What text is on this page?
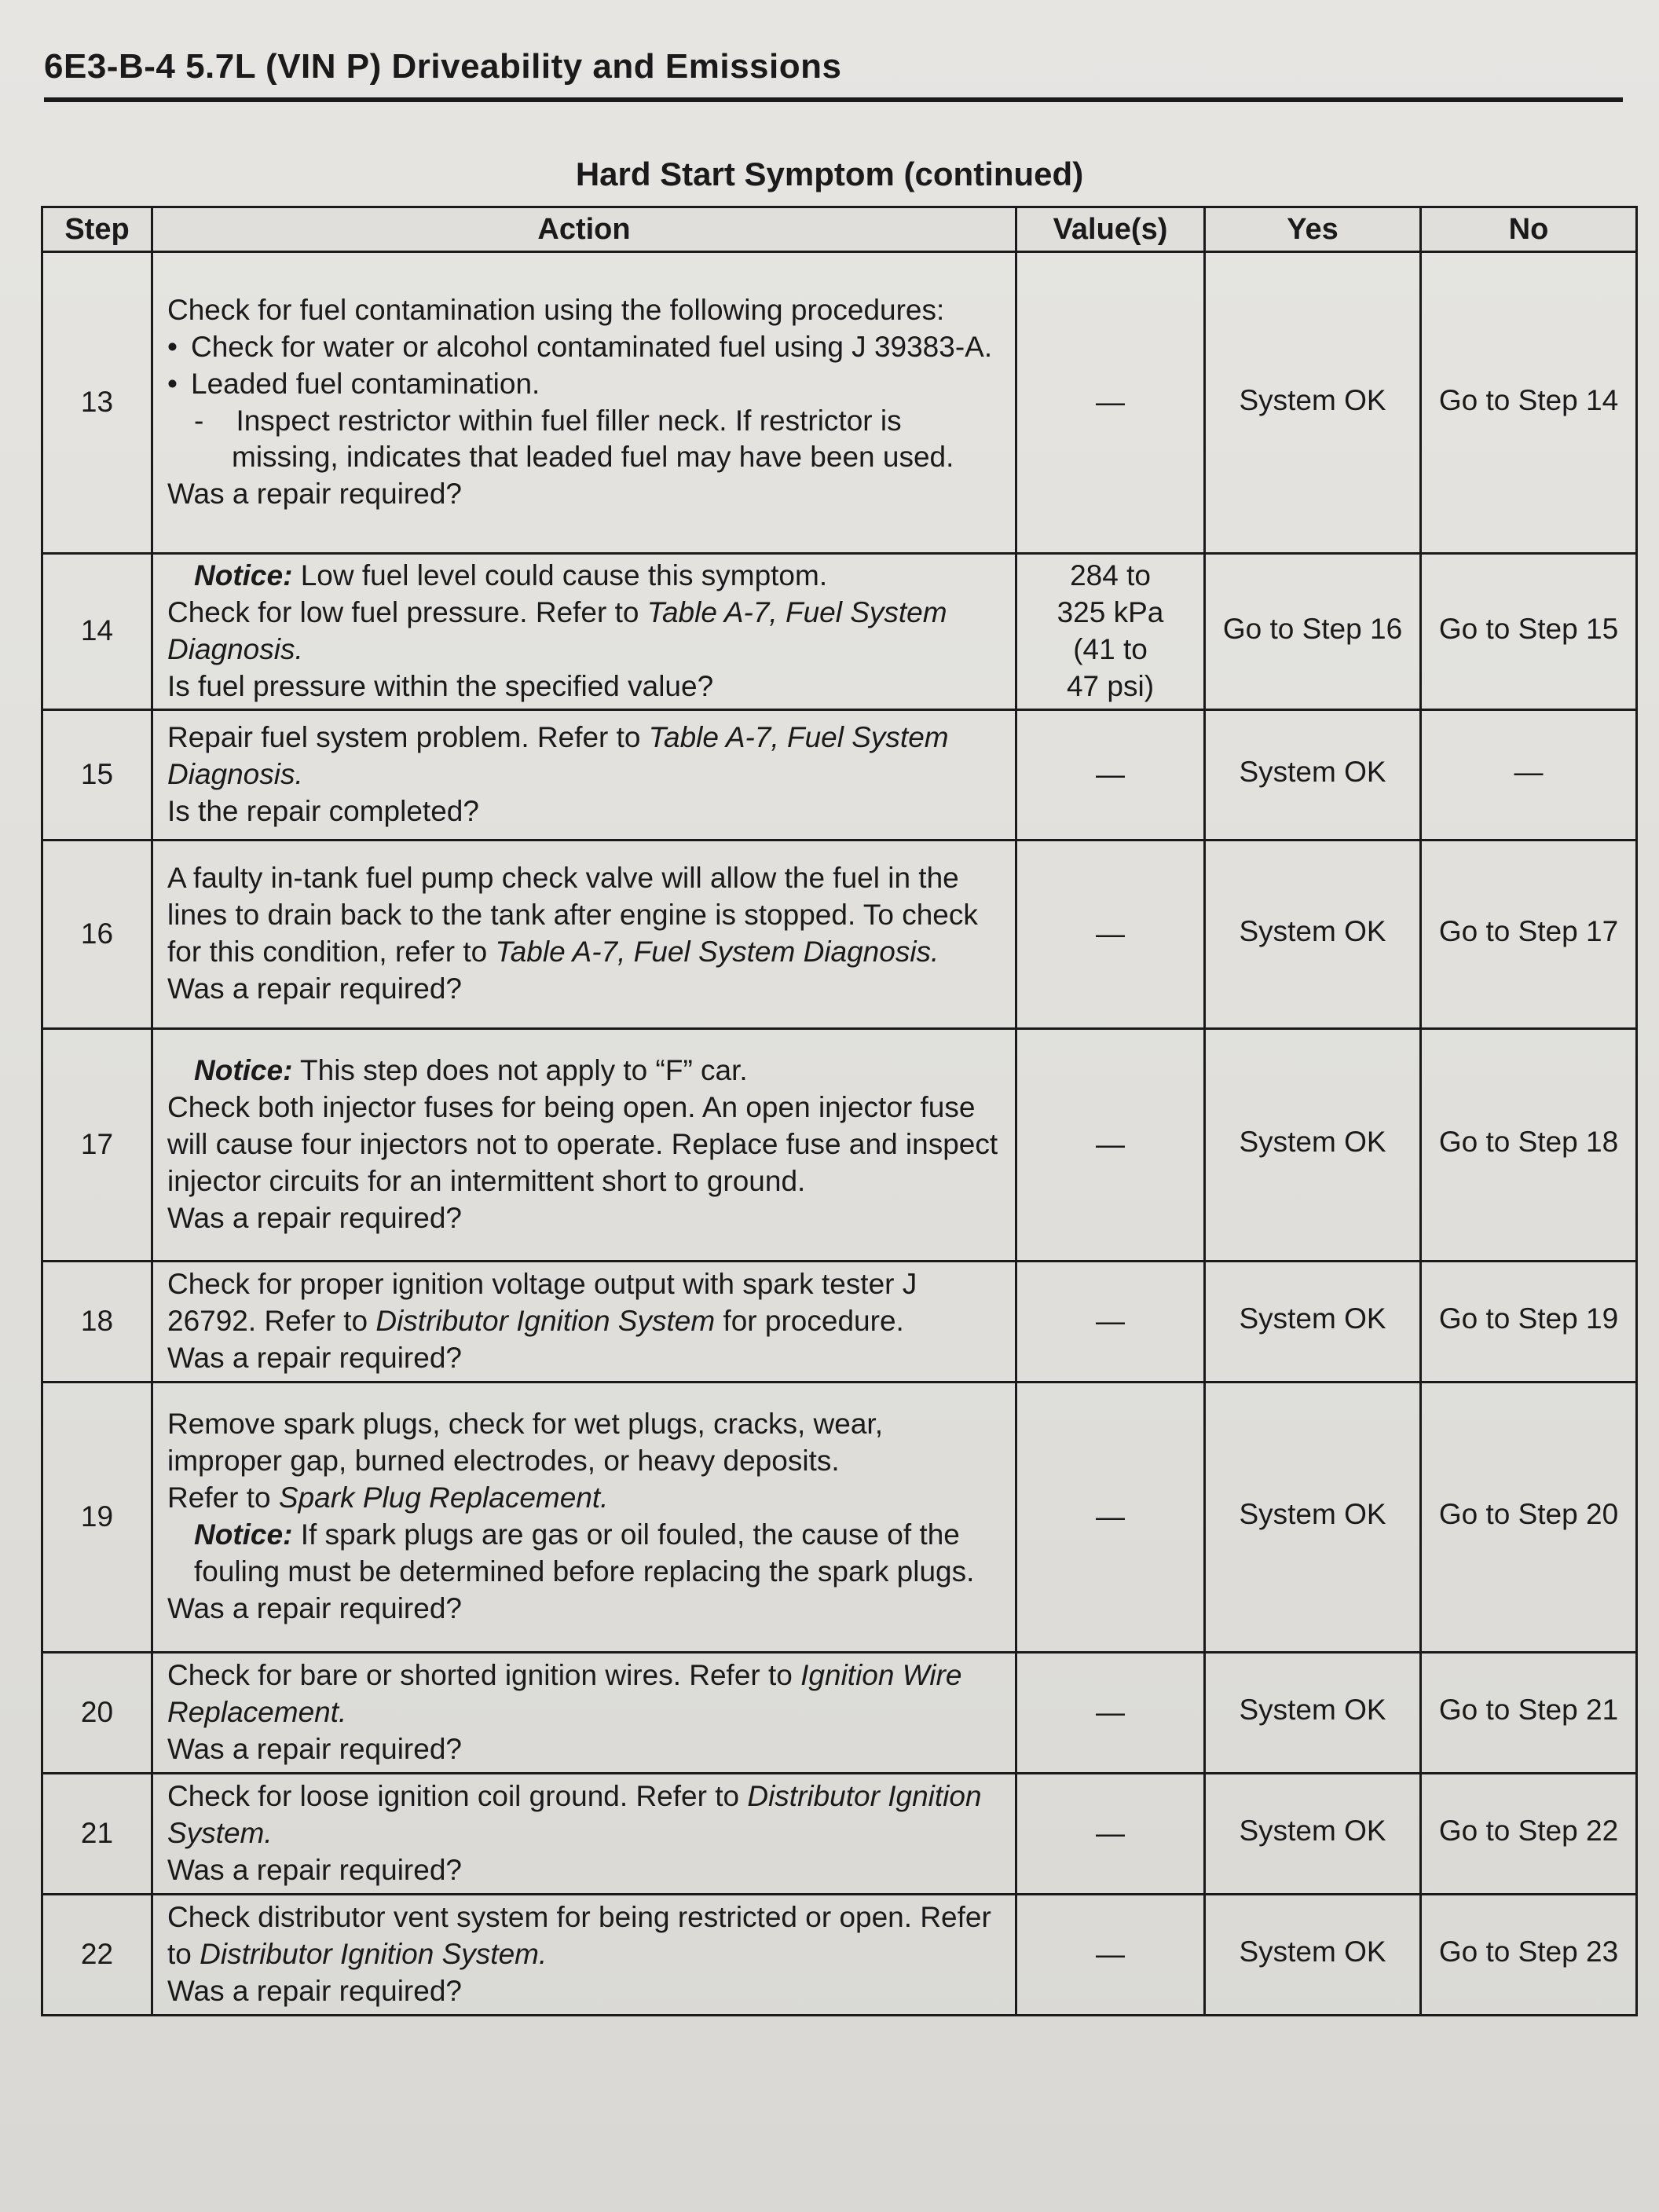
6E3-B-4 5.7L (VIN P) Driveability and Emissions
Hard Start Symptom (continued)
Step	Action	Value(s)	Yes	No
13	Check for fuel contamination using the following procedures:
• Check for water or alcohol contaminated fuel using J 39383-A.
• Leaded fuel contamination.
-    Inspect restrictor within fuel filler neck. If restrictor is missing, indicates that leaded fuel may have been used.
Was a repair required?	—	System OK	Go to Step 14
14	Notice: Low fuel level could cause this symptom.
Check for low fuel pressure. Refer to Table A-7, Fuel System Diagnosis.
Is fuel pressure within the specified value?	284 to
325 kPa
(41 to
47 psi)	Go to Step 16	Go to Step 15
15	Repair fuel system problem. Refer to Table A-7, Fuel System Diagnosis.
Is the repair completed?	—	System OK	—
16	A faulty in-tank fuel pump check valve will allow the fuel in the lines to drain back to the tank after engine is stopped. To check for this condition, refer to Table A-7, Fuel System Diagnosis.
Was a repair required?	—	System OK	Go to Step 17
17	Notice: This step does not apply to “F” car.
Check both injector fuses for being open. An open injector fuse will cause four injectors not to operate. Replace fuse and inspect injector circuits for an intermittent short to ground.
Was a repair required?	—	System OK	Go to Step 18
18	Check for proper ignition voltage output with spark tester J 26792. Refer to Distributor Ignition System for procedure.
Was a repair required?	—	System OK	Go to Step 19
19	Remove spark plugs, check for wet plugs, cracks, wear, improper gap, burned electrodes, or heavy deposits.
Refer to Spark Plug Replacement.
Notice: If spark plugs are gas or oil fouled, the cause of the fouling must be determined before replacing the spark plugs.
Was a repair required?	—	System OK	Go to Step 20
20	Check for bare or shorted ignition wires. Refer to Ignition Wire Replacement.
Was a repair required?	—	System OK	Go to Step 21
21	Check for loose ignition coil ground. Refer to Distributor Ignition System.
Was a repair required?	—	System OK	Go to Step 22
22	Check distributor vent system for being restricted or open. Refer to Distributor Ignition System.
Was a repair required?	—	System OK	Go to Step 23
